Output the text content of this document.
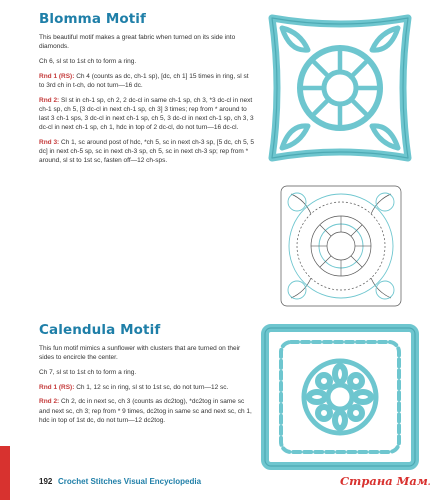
Blomma Motif

This beautiful motif makes a great fabric when turned on its side into diamonds.

Ch 6, sl st to 1st ch to form a ring.

Rnd 1 (RS): Ch 4 (counts as dc, ch-1 sp), [dc, ch 1] 15 times in ring, sl st to 3rd ch in t-ch, do not turn—16 dc.

Rnd 2: Sl st in ch-1 sp, ch 2, 2 dc-cl in same ch-1 sp, ch 3, *3 dc-cl in next ch-1 sp, ch 5, [3 dc-cl in next ch-1 sp, ch 3] 3 times; rep from * around to last 3 ch-1 sps, 3 dc-cl in next ch-1 sp, ch 5, 3 dc-cl in next ch-1 sp, ch 3, 3 dc-cl in next ch-1 sp, ch 1, hdc in top of 2 dc-cl, do not turn—16 dc-cl.

Rnd 3: Ch 1, sc around post of hdc, *ch 5, sc in next ch-3 sp, [5 dc, ch 5, 5 dc] in next ch-5 sp, sc in next ch-3 sp, ch 5, sc in next ch-3 sp; rep from * around, sl st to 1st sc, fasten off—12 ch-sps.

Calendula Motif

This fun motif mimics a sunflower with clusters that are turned on their sides to encircle the center.

Ch 7, sl st to 1st ch to form a ring.

Rnd 1 (RS): Ch 1, 12 sc in ring, sl st to 1st sc, do not turn—12 sc.

Rnd 2: Ch 2, dc in next sc, ch 3 (counts as dc2tog), *dc2tog in same sc and next sc, ch 3; rep from * 9 times, dc2tog in same sc and next sc, ch 1, hdc in top of 1st dc, do not turn—12 dc2tog.

192 Crochet Stitches Visual Encyclopedia	Страна Мам.
